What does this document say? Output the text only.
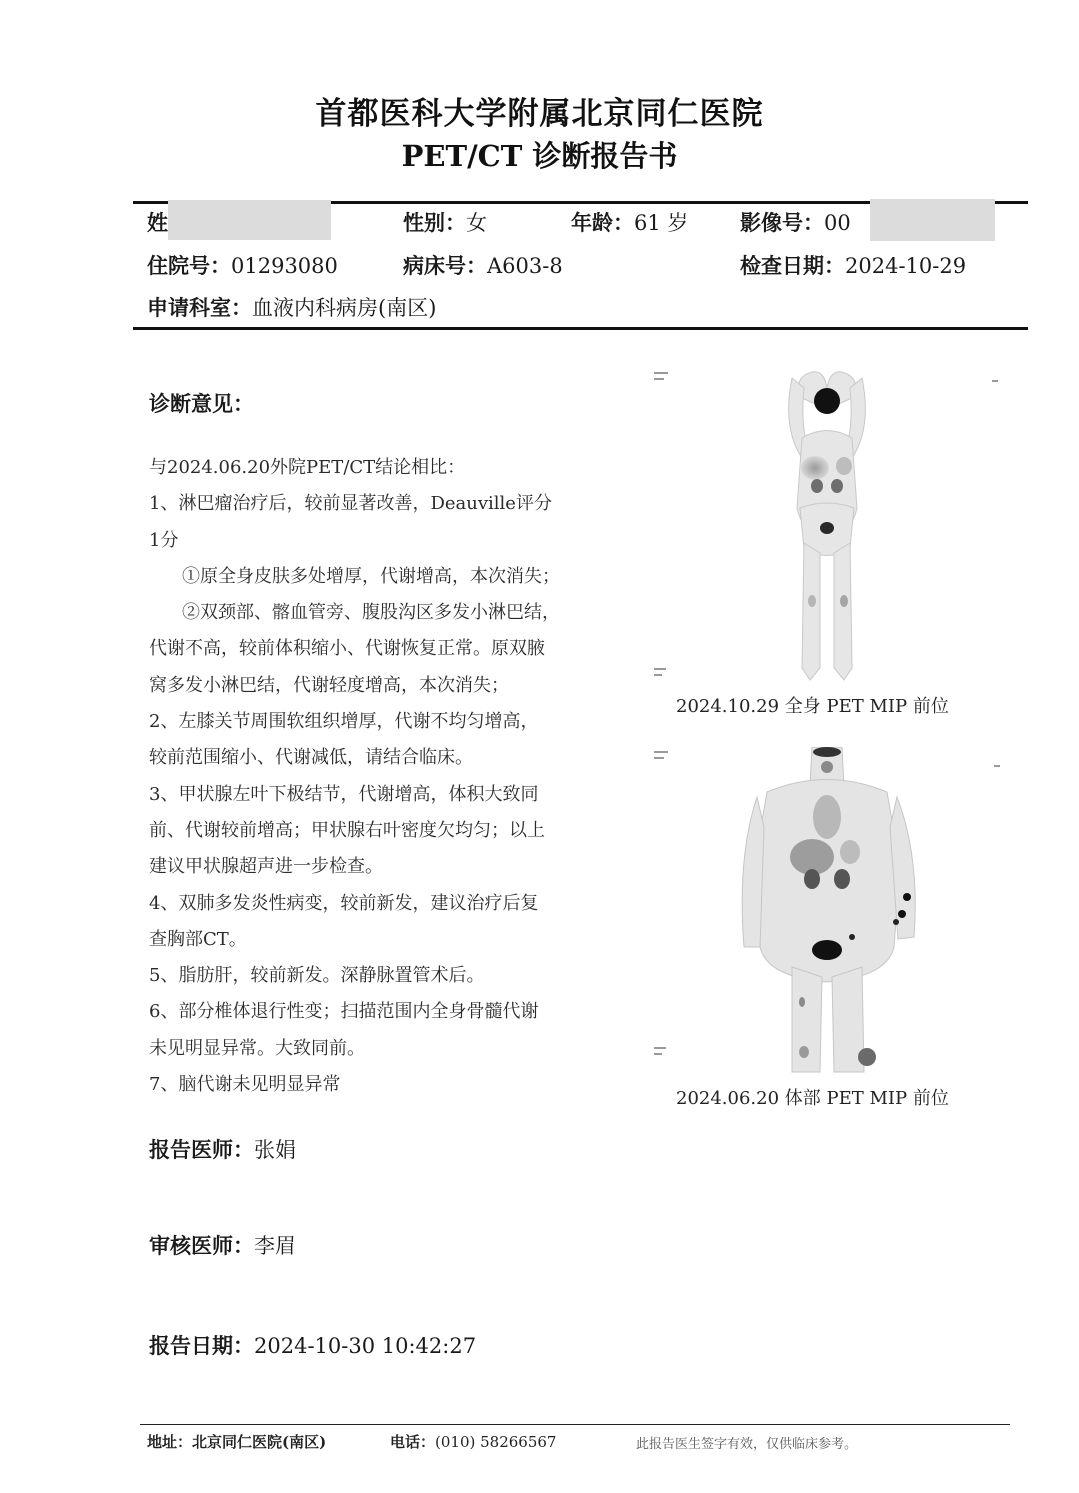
首都医科大学附属北京同仁医院
PET/CT 诊断报告书
姓	性别：女	年龄：61 岁 影像号：00
住院号：01293080	病床号：A603-8	检查日期：2024-10-29
申请科室：血液内科病房(南区)
诊断意见：

与2024.06.20外院PET/CT结论相比：

1、淋巴瘤治疗后，较前显著改善，Deauville评分

1分

①原全身皮肤多处增厚，代谢增高，本次消失；

②双颈部、髂血管旁、腹股沟区多发小淋巴结，

代谢不高，较前体积缩小、代谢恢复正常。原双腋

窝多发小淋巴结，代谢轻度增高，本次消失；

2、左膝关节周围软组织增厚，代谢不均匀增高，

较前范围缩小、代谢减低，请结合临床。

3、甲状腺左叶下极结节，代谢增高，体积大致同

前、代谢较前增高；甲状腺右叶密度欠均匀；以上

建议甲状腺超声进一步检查。

4、双肺多发炎性病变，较前新发，建议治疗后复

查胸部CT。

5、脂肪肝，较前新发。深静脉置管术后。

6、部分椎体退行性变；扫描范围内全身骨髓代谢

未见明显异常。大致同前。

7、脑代谢未见明显异常

2024.10.29 全身 PET MIP 前位
2024.06.20 体部 PET MIP 前位
报告医师：张娟
审核医师：李眉
报告日期：2024-10-30 10:42:27
地址：北京同仁医院(南区)	电话：(010) 58266567	此报告医生签字有效，仅供临床参考。
